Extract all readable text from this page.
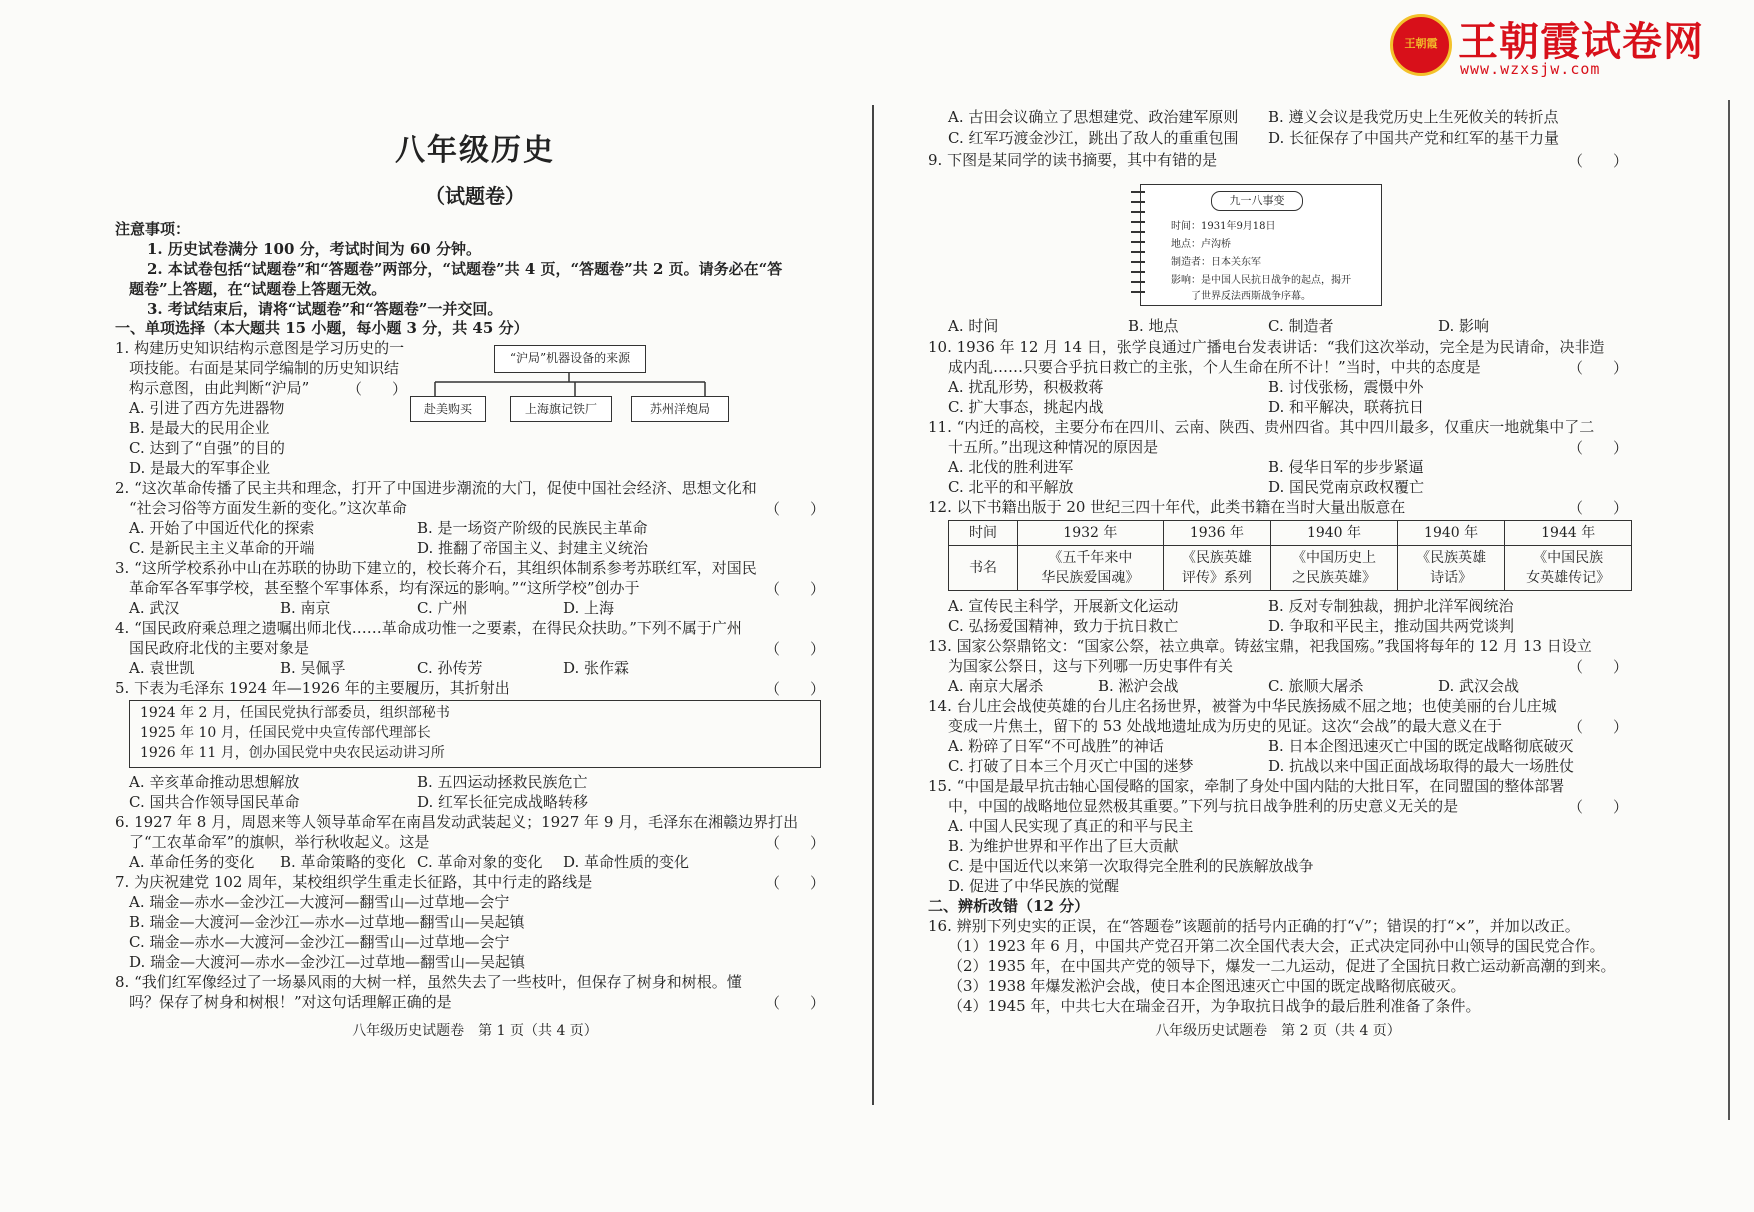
王朝霞 王朝霞试卷网
www.wzxsjw.com
八年级历史
（试题卷）
注意事项：
1. 历史试卷满分 100 分，考试时间为 60 分钟。
2. 本试卷包括“试题卷”和“答题卷”两部分，“试题卷”共 4 页，“答题卷”共 2 页。请务必在“答
题卷”上答题，在“试题卷上答题无效。
3. 考试结束后，请将“试题卷”和“答题卷”一并交回。
一、单项选择（本大题共 15 小题，每小题 3 分，共 45 分）
1. 构建历史知识结构示意图是学习历史的一
项技能。右面是某同学编制的历史知识结
构示意图，由此判断“沪局”	（　　）
A. 引进了西方先进器物
B. 是最大的民用企业
C. 达到了“自强”的目的
D. 是最大的军事企业
“沪局”机器设备的来源
赴美购买	上海旗记铁厂	苏州洋炮局
2. “这次革命传播了民主共和理念，打开了中国进步潮流的大门，促使中国社会经济、思想文化和
“社会习俗等方面发生新的变化。”这次革命	（　　）
A. 开始了中国近代化的探索	B. 是一场资产阶级的民族民主革命
C. 是新民主主义革命的开端	D. 推翻了帝国主义、封建主义统治
3. “这所学校系孙中山在苏联的协助下建立的，校长蒋介石，其组织体制系参考苏联红军，对国民
革命军各军事学校，甚至整个军事体系，均有深远的影响。”“这所学校”创办于	（　　）
A. 武汉	B. 南京	C. 广州	D. 上海
4. “国民政府乘总理之遗嘱出师北伐……革命成功惟一之要素，在得民众扶助。”下列不属于广州
国民政府北伐的主要对象是	（　　）
A. 袁世凯	B. 吴佩孚	C. 孙传芳	D. 张作霖
5. 下表为毛泽东 1924 年—1926 年的主要履历，其折射出	（　　）
1924 年 2 月，任国民党执行部委员，组织部秘书
1925 年 10 月，任国民党中央宣传部代理部长
1926 年 11 月，创办国民党中央农民运动讲习所
A. 辛亥革命推动思想解放	B. 五四运动拯救民族危亡
C. 国共合作领导国民革命	D. 红军长征完成战略转移
6. 1927 年 8 月，周恩来等人领导革命军在南昌发动武装起义；1927 年 9 月，毛泽东在湘赣边界打出
了“工农革命军”的旗帜，举行秋收起义。这是	（　　）
A. 革命任务的变化 B. 革命策略的变化 C. 革命对象的变化 D. 革命性质的变化
7. 为庆祝建党 102 周年，某校组织学生重走长征路，其中行走的路线是	（　　）
A. 瑞金—赤水—金沙江—大渡河—翻雪山—过草地—会宁
B. 瑞金—大渡河—金沙江—赤水—过草地—翻雪山—吴起镇
C. 瑞金—赤水—大渡河—金沙江—翻雪山—过草地—会宁
D. 瑞金—大渡河—赤水—金沙江—过草地—翻雪山—吴起镇
8. “我们红军像经过了一场暴风雨的大树一样，虽然失去了一些枝叶，但保存了树身和树根。懂
吗？保存了树身和树根！”对这句话理解正确的是	（　　）
八年级历史试题卷　第 1 页（共 4 页）
A. 古田会议确立了思想建党、政治建军原则 B. 遵义会议是我党历史上生死攸关的转折点
C. 红军巧渡金沙江，跳出了敌人的重重包围 D. 长征保存了中国共产党和红军的基干力量
9. 下图是某同学的读书摘要，其中有错的是	（　　）
九一八事变
时间：1931年9月18日
地点：卢沟桥
制造者：日本关东军
影响：是中国人民抗日战争的起点，揭开
了世界反法西斯战争序幕。
A. 时间	B. 地点	C. 制造者	D. 影响
10. 1936 年 12 月 14 日，张学良通过广播电台发表讲话：“我们这次举动，完全是为民请命，决非造
成内乱……只要合乎抗日救亡的主张，个人生命在所不计！”当时，中共的态度是	（　　）
A. 扰乱形势，积极救蒋	B. 讨伐张杨，震慑中外
C. 扩大事态，挑起内战	D. 和平解决，联蒋抗日
11. “内迁的高校，主要分布在四川、云南、陕西、贵州四省。其中四川最多，仅重庆一地就集中了二
十五所。”出现这种情况的原因是	（　　）
A. 北伐的胜利进军	B. 侵华日军的步步紧逼
C. 北平的和平解放	D. 国民党南京政权覆亡
12. 以下书籍出版于 20 世纪三四十年代，此类书籍在当时大量出版意在	（　　）
时间	1932 年	1936 年	1940 年	1940 年	1944 年
书名	《五千年来中
华民族爱国魂》	《民族英雄
评传》系列	《中国历史上
之民族英雄》	《民族英雄
诗话》	《中国民族
女英雄传记》
A. 宣传民主科学，开展新文化运动	B. 反对专制独裁，拥护北洋军阀统治
C. 弘扬爱国精神，致力于抗日救亡	D. 争取和平民主，推动国共两党谈判
13. 国家公祭鼎铭文：“国家公祭，祛立典章。铸兹宝鼎，祀我国殇。”我国将每年的 12 月 13 日设立
为国家公祭日，这与下列哪一历史事件有关	（　　）
A. 南京大屠杀	B. 淞沪会战	C. 旅顺大屠杀	D. 武汉会战
14. 台儿庄会战使英雄的台儿庄名扬世界，被誉为中华民族扬威不屈之地；也使美丽的台儿庄城
变成一片焦土，留下的 53 处战地遗址成为历史的见证。这次“会战”的最大意义在于	（　　）
A. 粉碎了日军“不可战胜”的神话	B. 日本企图迅速灭亡中国的既定战略彻底破灭
C. 打破了日本三个月灭亡中国的迷梦	D. 抗战以来中国正面战场取得的最大一场胜仗
15. “中国是最早抗击轴心国侵略的国家，牵制了身处中国内陆的大批日军，在同盟国的整体部署
中，中国的战略地位显然极其重要。”下列与抗日战争胜利的历史意义无关的是	（　　）
A. 中国人民实现了真正的和平与民主
B. 为维护世界和平作出了巨大贡献
C. 是中国近代以来第一次取得完全胜利的民族解放战争
D. 促进了中华民族的觉醒
二、辨析改错（12 分）
16. 辨别下列史实的正误，在“答题卷”该题前的括号内正确的打“√”；错误的打“×”，并加以改正。
（1）1923 年 6 月，中国共产党召开第二次全国代表大会，正式决定同孙中山领导的国民党合作。
（2）1935 年，在中国共产党的领导下，爆发一二九运动，促进了全国抗日救亡运动新高潮的到来。
（3）1938 年爆发淞沪会战，使日本企图迅速灭亡中国的既定战略彻底破灭。
（4）1945 年，中共七大在瑞金召开，为争取抗日战争的最后胜利准备了条件。
八年级历史试题卷　第 2 页（共 4 页）
